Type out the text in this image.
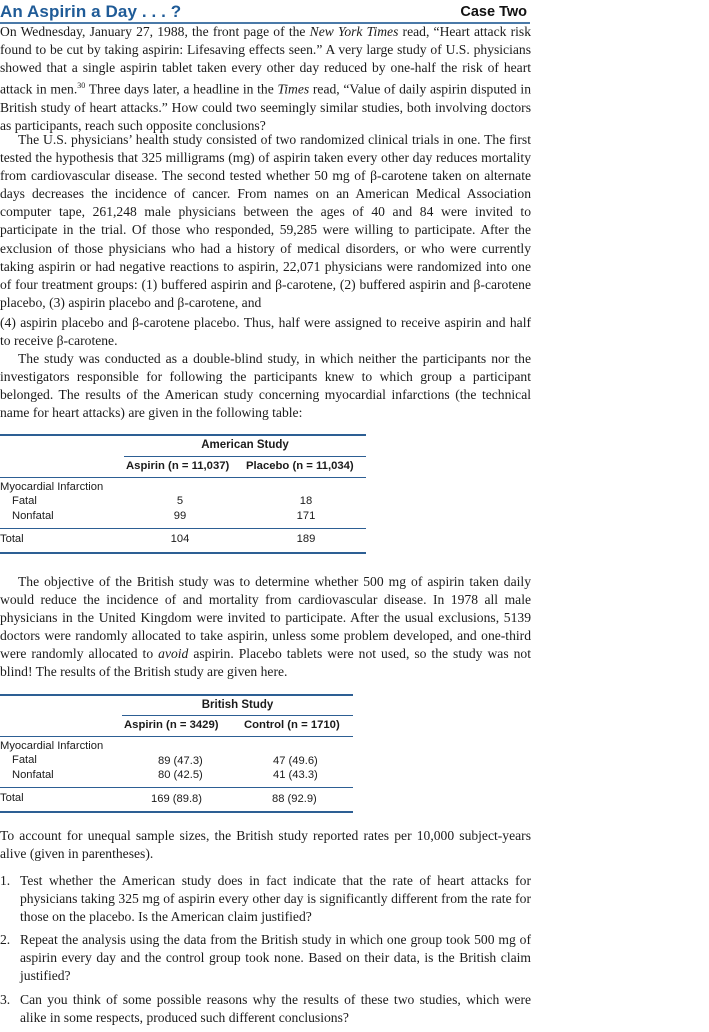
An Aspirin a Day . . . ?	Case Two

On Wednesday, January 27, 1988, the front page of the New York Times read, “Heart attack risk found to be cut by taking aspirin: Lifesaving effects seen.” A very large study of U.S. physicians showed that a single aspirin tablet taken every other day reduced by one-half the risk of heart attack in men.$^{30}$ Three days later, a headline in the Times read, “Value of daily aspirin disputed in British study of heart attacks.” How could two seemingly similar studies, both involving doctors as participants, reach such opposite conclusions?

The U.S. physicians’ health study consisted of two randomized clinical trials in one. The first tested the hypothesis that 325 milligrams (mg) of aspirin taken every other day reduces mortality from cardiovascular disease. The second tested whether 50 mg of β-carotene taken on alternate days decreases the incidence of cancer. From names on an American Medical Association computer tape, 261,248 male physicians between the ages of 40 and 84 were invited to participate in the trial. Of those who responded, 59,285 were willing to participate. After the exclusion of those physicians who had a history of medical disorders, or who were currently taking aspirin or had negative reactions to aspirin, 22,071 physicians were randomized into one of four treatment groups: (1) buffered aspirin and β-carotene, (2) buffered aspirin and β-carotene placebo, (3) aspirin placebo and β-carotene, and

(4) aspirin placebo and β-carotene placebo. Thus, half were assigned to receive aspirin and half to receive β-carotene.

The study was conducted as a double-blind study, in which neither the participants nor the investigators responsible for following the participants knew to which group a participant belonged. The results of the American study concerning myocardial infarctions (the technical name for heart attacks) are given in the following table:

American Study
Aspirin (n = 11,037) Placebo (n = 11,034)
Myocardial Infarction
Fatal	5	18
Nonfatal	99	171
Total	104	189

The objective of the British study was to determine whether 500 mg of aspirin taken daily would reduce the incidence of and mortality from cardiovascular disease. In 1978 all male physicians in the United Kingdom were invited to participate. After the usual exclusions, 5139 doctors were randomly allocated to take aspirin, unless some problem developed, and one-third were randomly allocated to avoid aspirin. Placebo tablets were not used, so the study was not blind! The results of the British study are given here.

British Study
Aspirin (n = 3429) Control (n = 1710)
Myocardial Infarction
Fatal	89 (47.3)	47 (49.6)
Nonfatal	80 (42.5)	41 (43.3)
Total	169 (89.8)	88 (92.9)

To account for unequal sample sizes, the British study reported rates per 10,000 subject-years alive (given in parentheses).

1. Test whether the American study does in fact indicate that the rate of heart attacks for physicians taking 325 mg of aspirin every other day is significantly different from the rate for those on the placebo. Is the American claim justified?
2. Repeat the analysis using the data from the British study in which one group took 500 mg of aspirin every day and the control group took none. Based on their data, is the British claim justified?
3. Can you think of some possible reasons why the results of these two studies, which were alike in some respects, produced such different conclusions?
